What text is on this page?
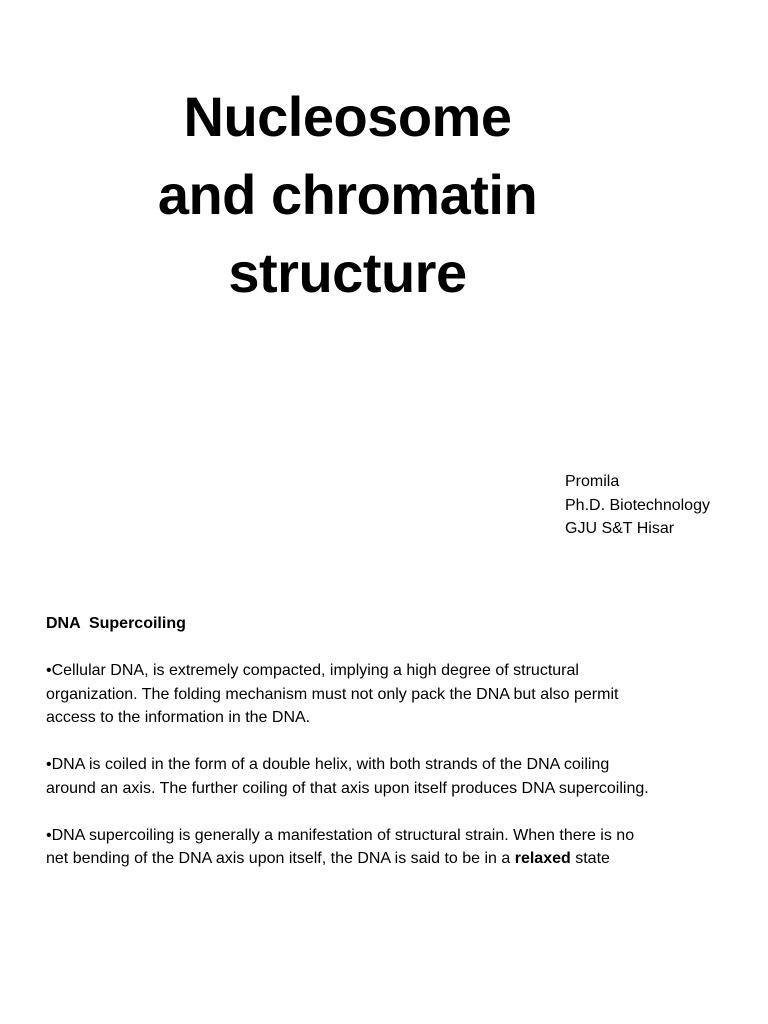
Nucleosome
and chromatin
structure
Promila
Ph.D. Biotechnology
GJU S&T Hisar
DNA  Supercoiling
•Cellular DNA, is extremely compacted, implying a high degree of structural
organization. The folding mechanism must not only pack the DNA but also permit
access to the information in the DNA.
•DNA is coiled in the form of a double helix, with both strands of the DNA coiling
around an axis. The further coiling of that axis upon itself produces DNA supercoiling.
•DNA supercoiling is generally a manifestation of structural strain. When there is no
net bending of the DNA axis upon itself, the DNA is said to be in a relaxed state
